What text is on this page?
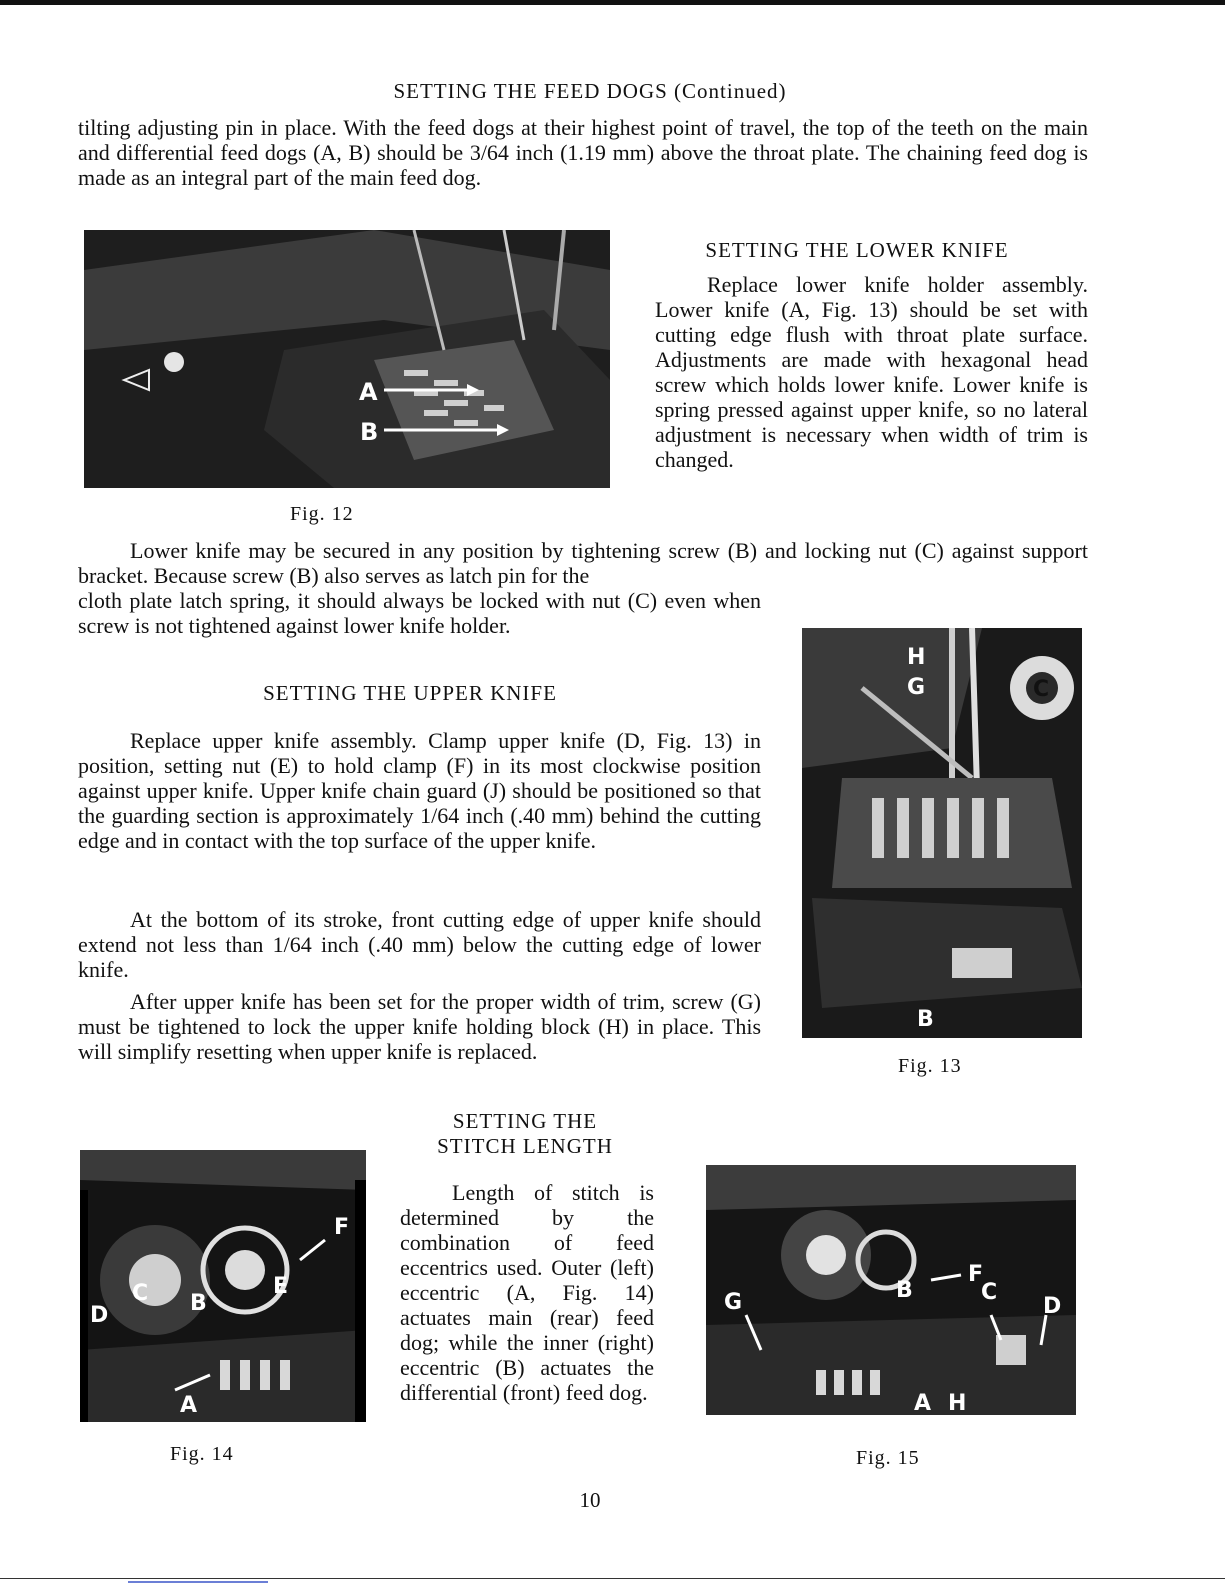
SETTING THE FEED DOGS (Continued)

tilting adjusting pin in place. With the feed dogs at their highest point of travel, the top of the teeth on the main and differential feed dogs (A, B) should be 3/64 inch (1.19 mm) above the throat plate. The chaining feed dog is made as an integral part of the main feed dog.

A
B
Fig. 12
SETTING THE LOWER KNIFE

Replace lower knife holder assembly. Lower knife (A, Fig. 13) should be set with cutting edge flush with throat plate surface. Adjustments are made with hexagonal head screw which holds lower knife. Lower knife is spring pressed against upper knife, so no lateral adjustment is necessary when width of trim is changed.

Lower knife may be secured in any position by tightening screw (B) and locking nut (C) against support bracket. Because screw (B) also serves as latch pin for the

cloth plate latch spring, it should always be locked with nut (C) even when screw is not tightened against lower knife holder.

H
G	C
B
Fig. 13
SETTING THE UPPER KNIFE

Replace upper knife assembly. Clamp upper knife (D, Fig. 13) in position, setting nut (E) to hold clamp (F) in its most clockwise position against upper knife. Upper knife chain guard (J) should be positioned so that the guarding section is approximately 1/64 inch (.40 mm) behind the cutting edge and in contact with the top surface of the upper knife.

At the bottom of its stroke, front cutting edge of upper knife should extend not less than 1/64 inch (.40 mm) below the cutting edge of lower knife.

After upper knife has been set for the proper width of trim, screw (G) must be tightened to lock the upper knife holding block (H) in place. This will simplify resetting when upper knife is replaced.

SETTING THE
STITCH LENGTH
F
C B
E
D
A
Fig. 14

Length of stitch is determined by the combination of feed eccentrics used. Outer (left) eccentric (A, Fig. 14) actuates main (rear) feed dog; while the inner (right) eccentric (B) actuates the differential (front) feed dog.

F
B	C
G	D
A H
Fig. 15
10
